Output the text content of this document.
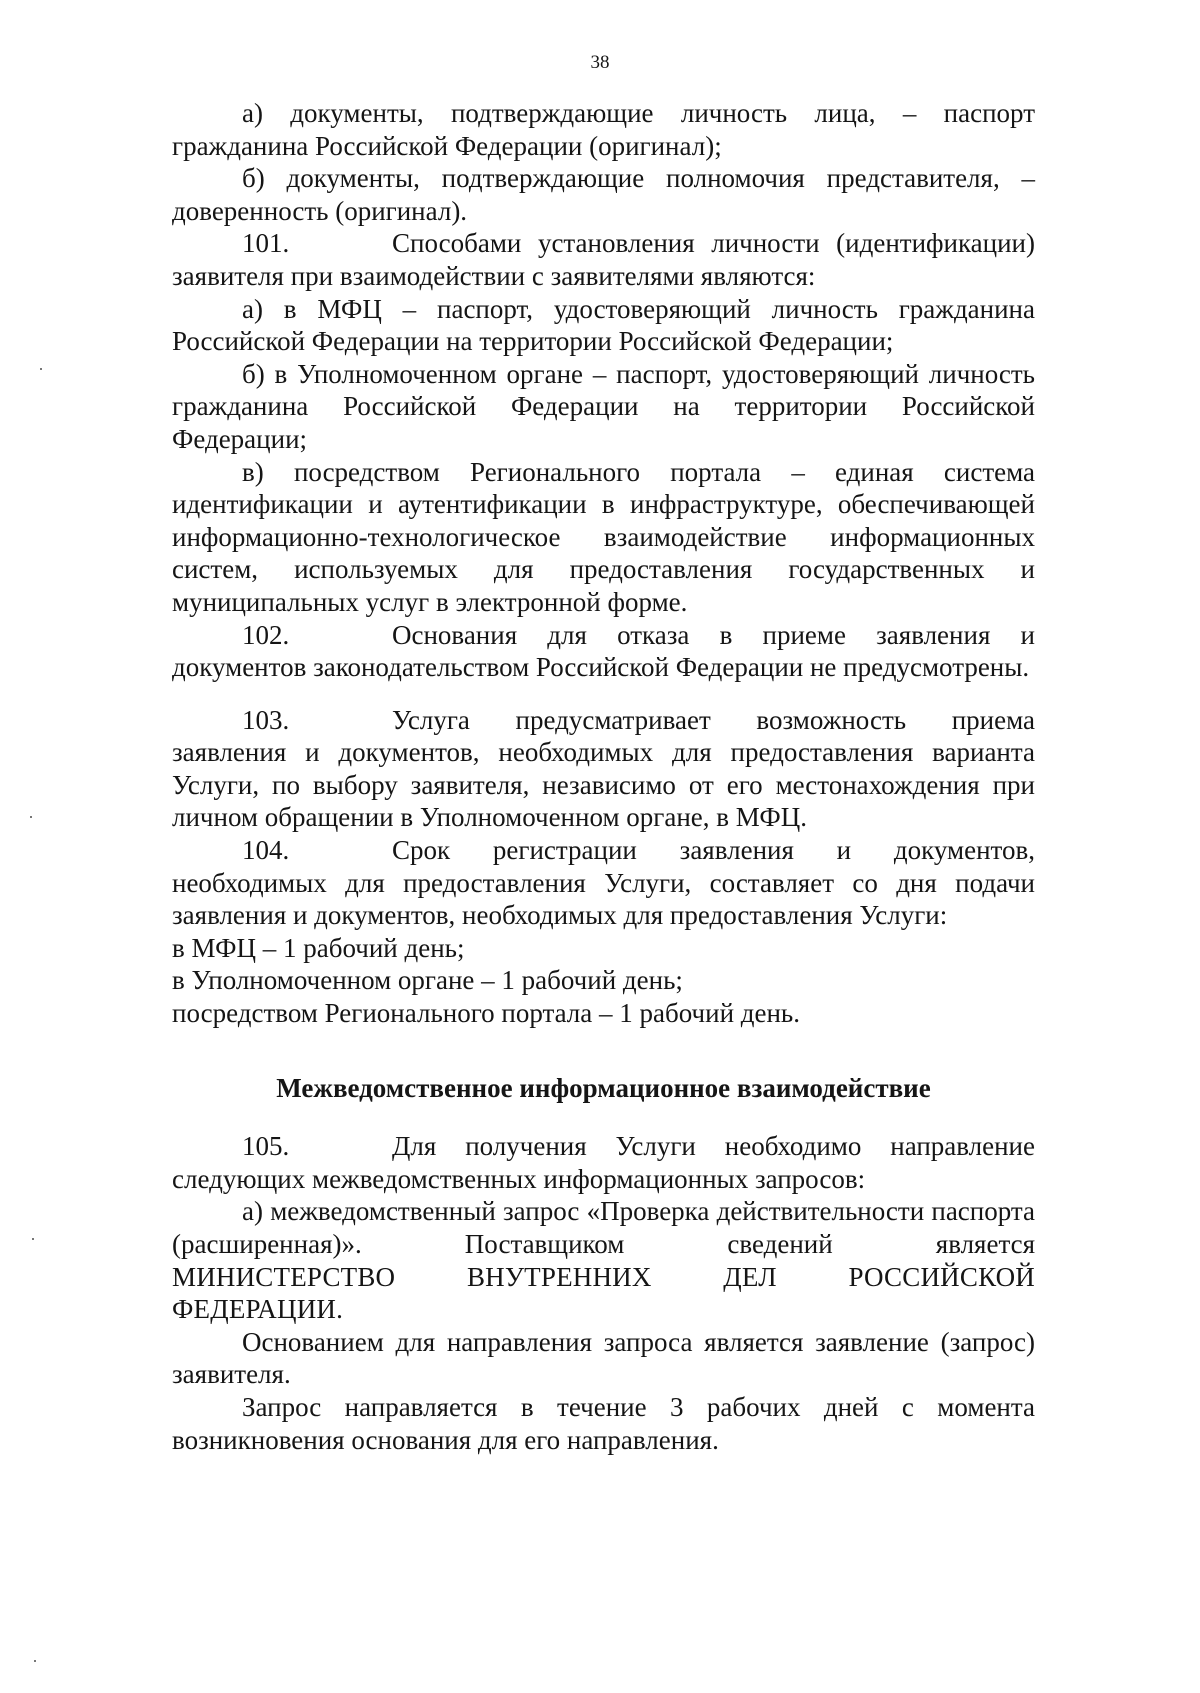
38

а) документы, подтверждающие личность лица, – паспорт гражданина Российской Федерации (оригинал);

б) документы, подтверждающие полномочия представителя, – доверенность (оригинал).

101.	Способами установления личности (идентификации) заявителя при взаимодействии с заявителями являются:

а) в МФЦ – паспорт, удостоверяющий личность гражданина Российской Федерации на территории Российской Федерации;

б) в Уполномоченном органе – паспорт, удостоверяющий личность гражданина Российской Федерации на территории Российской Федерации;

в) посредством Регионального портала – единая система идентификации и аутентификации в инфраструктуре, обеспечивающей информационно-технологическое взаимодействие информационных систем, используемых для предоставления государственных и муниципальных услуг в электронной форме.

102.	Основания для отказа в приеме заявления и документов законодательством Российской Федерации не предусмотрены.

103.	Услуга предусматривает возможность приема заявления и документов, необходимых для предоставления варианта Услуги, по выбору заявителя, независимо от его местонахождения при личном обращении в Уполномоченном органе, в МФЦ.

104.	Срок регистрации заявления и документов, необходимых для предоставления Услуги, составляет со дня подачи заявления и документов, необходимых для предоставления Услуги:

в МФЦ – 1 рабочий день;

в Уполномоченном органе – 1 рабочий день;

посредством Регионального портала – 1 рабочий день.

Межведомственное информационное взаимодействие

105.	Для получения Услуги необходимо направление следующих межведомственных информационных запросов:

а) межведомственный запрос «Проверка действительности паспорта (расширенная)». Поставщиком сведений является

МИНИСТЕРСТВО ВНУТРЕННИХ ДЕЛ РОССИЙСКОЙ

ФЕДЕРАЦИИ.

Основанием для направления запроса является заявление (запрос) заявителя.

Запрос направляется в течение 3 рабочих дней с момента возникновения основания для его направления.
